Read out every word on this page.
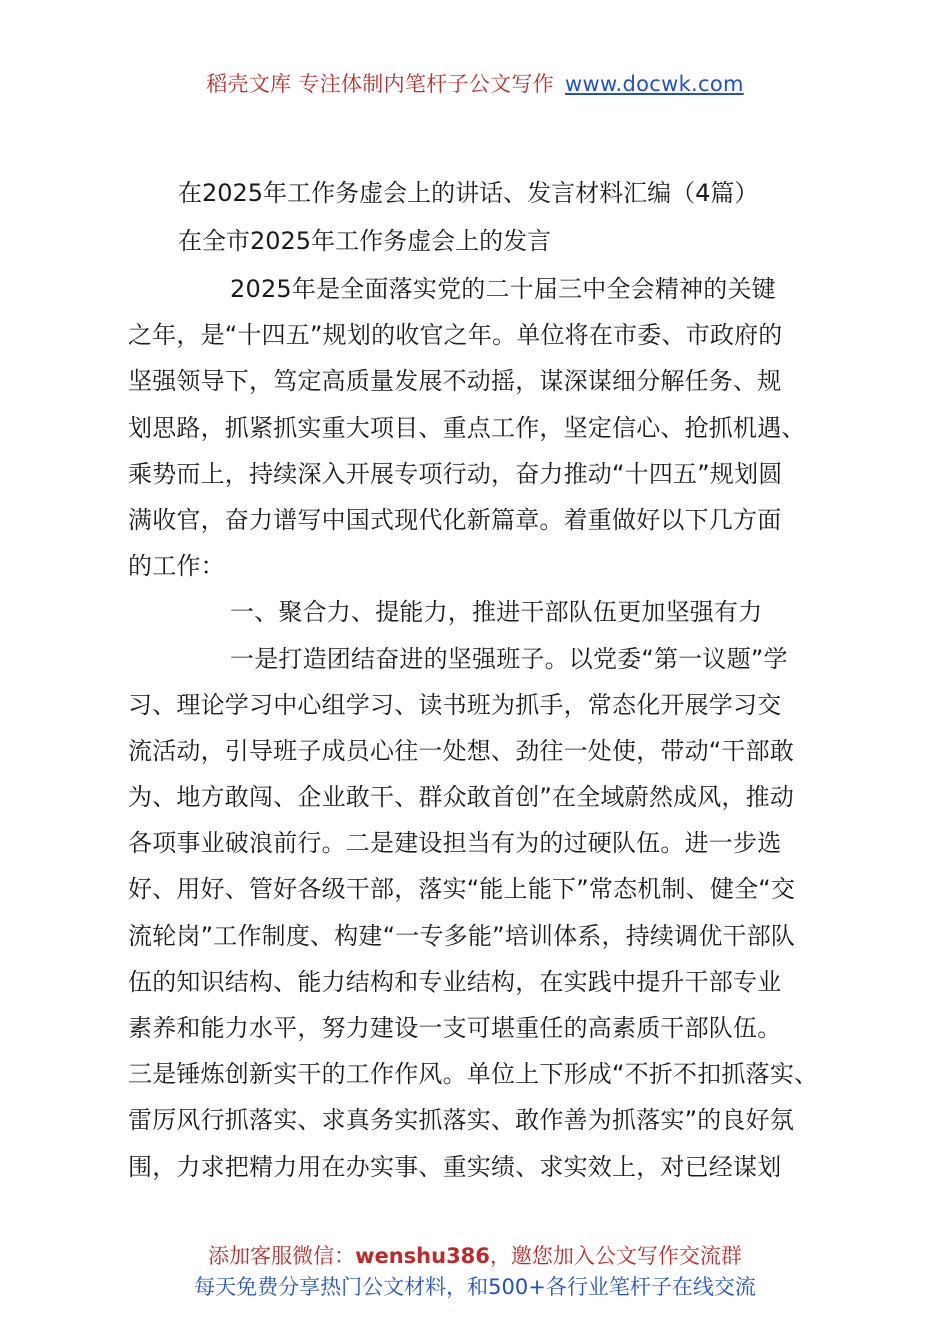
稻壳文库 专注体制内笔杆子公文写作 www.docwk.com
在2025年工作务虚会上的讲话、发言材料汇编（4篇）
在全市2025年工作务虚会上的发言
2025年是全面落实党的二十届三中全会精神的关键
之年，是“十四五”规划的收官之年。单位将在市委、市政府的
坚强领导下，笃定高质量发展不动摇，谋深谋细分解任务、规
划思路，抓紧抓实重大项目、重点工作，坚定信心、抢抓机遇、
乘势而上，持续深入开展专项行动，奋力推动“十四五”规划圆
满收官，奋力谱写中国式现代化新篇章。着重做好以下几方面
的工作：
一、聚合力、提能力，推进干部队伍更加坚强有力
一是打造团结奋进的坚强班子。以党委“第一议题”学
习、理论学习中心组学习、读书班为抓手，常态化开展学习交
流活动，引导班子成员心往一处想、劲往一处使，带动“干部敢
为、地方敢闯、企业敢干、群众敢首创”在全域蔚然成风，推动
各项事业破浪前行。二是建设担当有为的过硬队伍。进一步选
好、用好、管好各级干部，落实“能上能下”常态机制、健全“交
流轮岗”工作制度、构建“一专多能”培训体系，持续调优干部队
伍的知识结构、能力结构和专业结构，在实践中提升干部专业
素养和能力水平，努力建设一支可堪重任的高素质干部队伍。
三是锤炼创新实干的工作作风。单位上下形成“不折不扣抓落实、
雷厉风行抓落实、求真务实抓落实、敢作善为抓落实”的良好氛
围，力求把精力用在办实事、重实绩、求实效上，对已经谋划
添加客服微信：wenshu386，邀您加入公文写作交流群
每天免费分享热门公文材料，和500+各行业笔杆子在线交流
